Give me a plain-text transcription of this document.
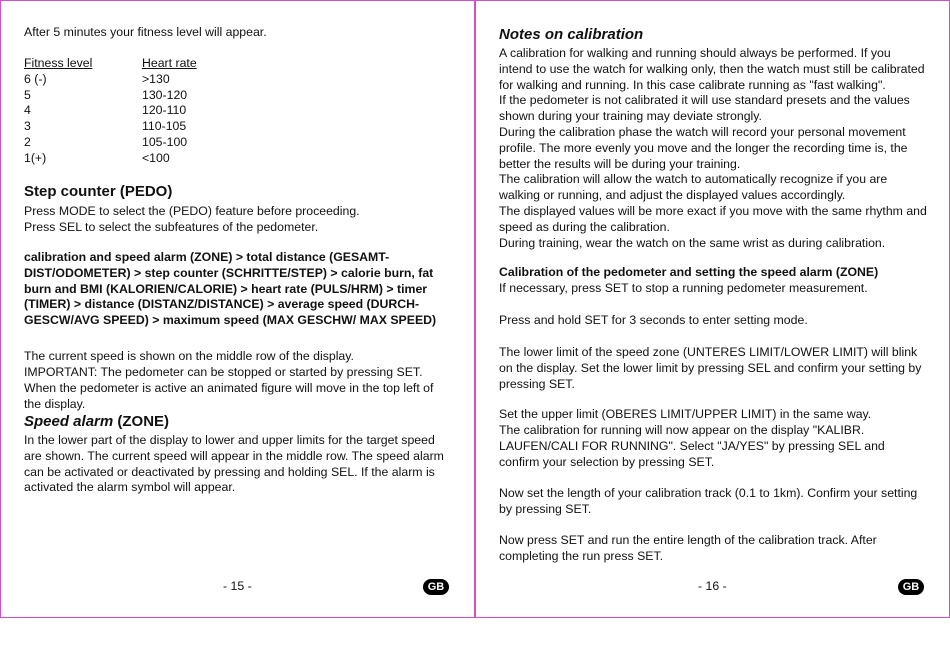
After 5 minutes your fitness level will appear.
Fitness level	Heart rate
6 (-)	>130
5	130-120
4	120-110
3	110-105
2	105-100
1(+)	<100
Step counter (PEDO)
Press MODE to select the (PEDO) feature before proceeding.
Press SEL to select the subfeatures of the pedometer.
calibration and speed alarm (ZONE) > total distance (GESAMT-DIST/ODOMETER) > step counter (SCHRITTE/STEP) > calorie burn, fat burn and BMI (KALORIEN/CALORIE) > heart rate (PULS/HRM) > timer (TIMER) > distance (DISTANZ/DISTANCE) > average speed (DURCH-GESCW/AVG SPEED) > maximum speed (MAX GESCHW/ MAX SPEED)
The current speed is shown on the middle row of the display.
IMPORTANT: The pedometer can be stopped or started by pressing SET. When the pedometer is active an animated figure will move in the top left of the display.
Speed alarm (ZONE)
In the lower part of the display to lower and upper limits for the target speed are shown. The current speed will appear in the middle row. The speed alarm can be activated or deactivated by pressing and holding SEL. If the alarm is activated the alarm symbol will appear.
- 15 -	GB
Notes on calibration
A calibration for walking and running should always be performed. If you intend to use the watch for walking only, then the watch must still be calibrated for walking and running. In this case calibrate running as "fast walking".
If the pedometer is not calibrated it will use standard presets and the values shown during your training may deviate strongly.
During the calibration phase the watch will record your personal movement profile. The more evenly you move and the longer the recording time is, the better the results will be during your training.
The calibration will allow the watch to automatically recognize if you are walking or running, and adjust the displayed values accordingly.
The displayed values will be more exact if you move with the same rhythm and speed as during the calibration.
During training, wear the watch on the same wrist as during calibration.
Calibration of the pedometer and setting the speed alarm (ZONE)
If necessary, press SET to stop a running pedometer measurement.
Press and hold SET for 3 seconds to enter setting mode.
The lower limit of the speed zone (UNTERES LIMIT/LOWER LIMIT) will blink on the display. Set the lower limit by pressing SEL and confirm your setting by pressing SET.
Set the upper limit (OBERES LIMIT/UPPER LIMIT) in the same way.
The calibration for running will now appear on the display "KALIBR. LAUFEN/CALI FOR RUNNING". Select "JA/YES" by pressing SEL and confirm your selection by pressing SET.
Now set the length of your calibration track (0.1 to 1km). Confirm your setting by pressing SET.
Now press SET and run the entire length of the calibration track. After completing the run press SET.
- 16 -	GB
